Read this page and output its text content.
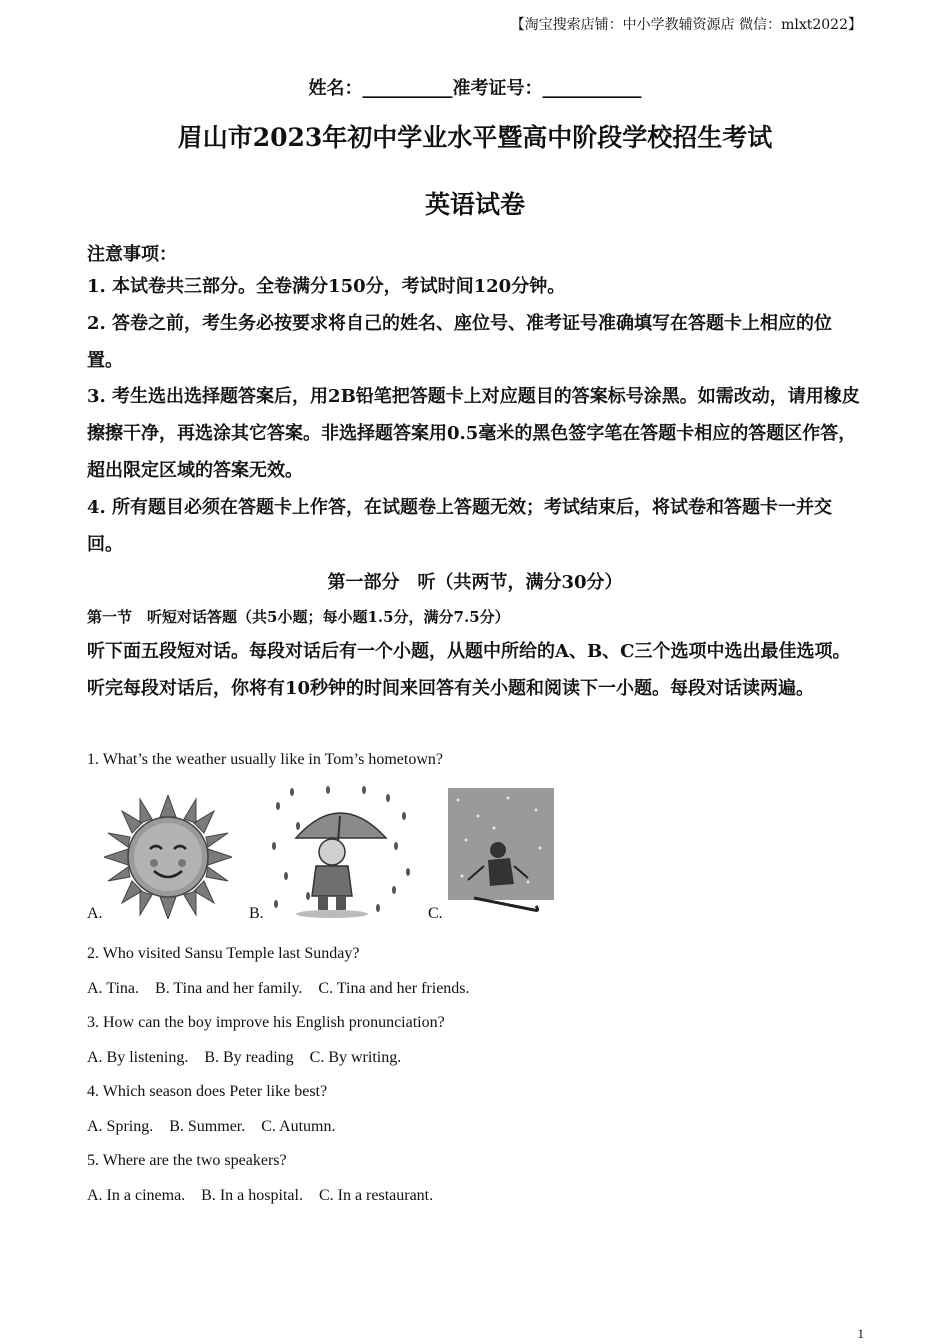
【淘宝搜索店铺：中小学教辅资源店 微信：mlxt2022】
姓名：__________准考证号：___________
眉山市2023年初中学业水平暨高中阶段学校招生考试
英语试卷
注意事项：
1. 本试卷共三部分。全卷满分150分，考试时间120分钟。
2. 答卷之前，考生务必按要求将自己的姓名、座位号、准考证号准确填写在答题卡上相应的位置。
3. 考生选出选择题答案后，用2B铅笔把答题卡上对应题目的答案标号涂黑。如需改动，请用橡皮擦擦干净，再选涂其它答案。非选择题答案用0.5毫米的黑色签字笔在答题卡相应的答题区作答，超出限定区域的答案无效。
4. 所有题目必须在答题卡上作答，在试题卷上答题无效；考试结束后，将试卷和答题卡一并交回。
第一部分　听（共两节，满分30分）
第一节　听短对话答题（共5小题；每小题1.5分，满分7.5分）
听下面五段短对话。每段对话后有一个小题，从题中所给的A、B、C三个选项中选出最佳选项。听完每段对话后，你将有10秒钟的时间来回答有关小题和阅读下一小题。每段对话读两遍。
1. What’s the weather usually like in Tom’s hometown?
A.	B.	C.
2. Who visited Sansu Temple last Sunday?
A. Tina.    B. Tina and her family.    C. Tina and her friends.
3. How can the boy improve his English pronunciation?
A. By listening.    B. By reading    C. By writing.
4. Which season does Peter like best?
A. Spring.    B. Summer.    C. Autumn.
5. Where are the two speakers?
A. In a cinema.    B. In a hospital.    C. In a restaurant.
1
